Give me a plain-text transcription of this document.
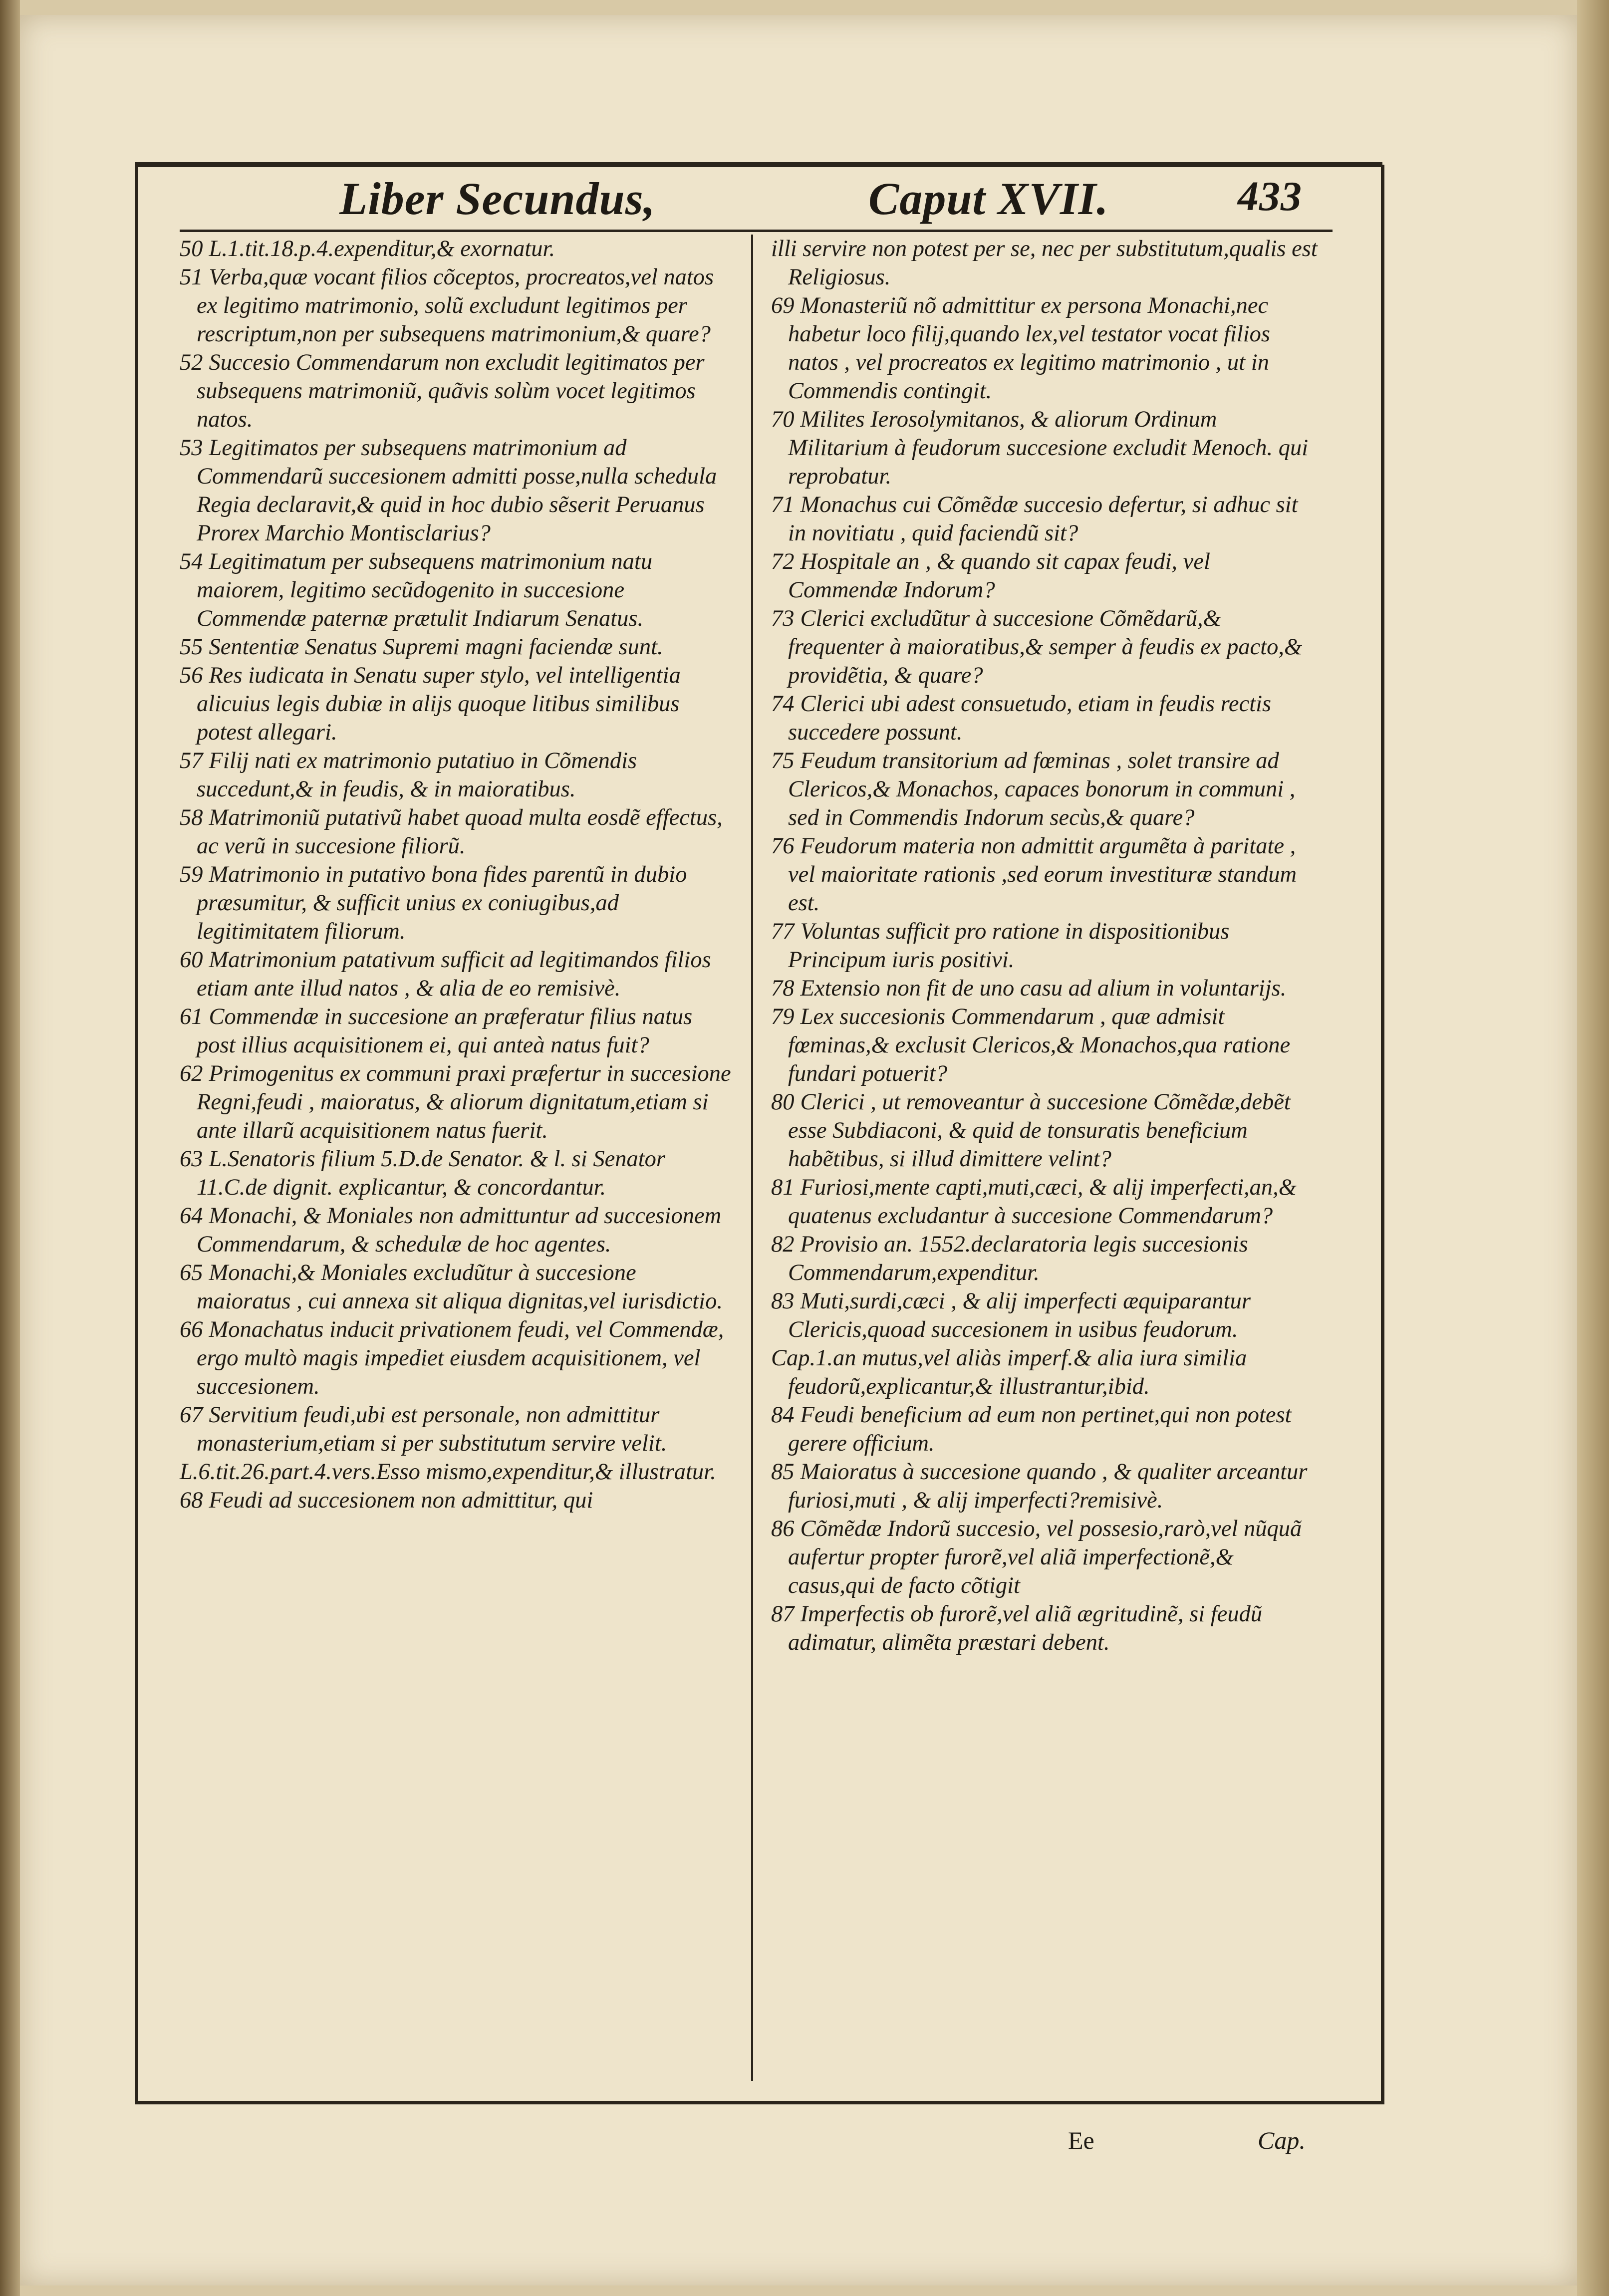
Liber Secundus,	Caput XVII.	433

50 L.1.tit.18.p.4.expenditur,& exornatur.

51 Verba,quæ vocant filios cõceptos, procreatos,vel natos ex legitimo matrimonio, solũ excludunt legitimos per rescriptum,non per subsequens matrimonium,& quare?

52 Succesio Commendarum non excludit legitimatos per subsequens matrimoniũ, quãvis solùm vocet legitimos natos.

53 Legitimatos per subsequens matrimonium ad Commendarũ succesionem admitti posse,nulla schedula Regia declaravit,& quid in hoc dubio sẽserit Peruanus Prorex Marchio Montisclarius?

54 Legitimatum per subsequens matrimonium natu maiorem, legitimo secũdogenito in succesione Commendæ paternæ prætulit Indiarum Senatus.

55 Sententiæ Senatus Supremi magni faciendæ sunt.

56 Res iudicata in Senatu super stylo, vel intelligentia alicuius legis dubiæ in alijs quoque litibus similibus potest allegari.

57 Filij nati ex matrimonio putatiuo in Cõmendis succedunt,& in feudis, & in maioratibus.

58 Matrimoniũ putativũ habet quoad multa eosdẽ effectus, ac verũ in succesione filiorũ.

59 Matrimonio in putativo bona fides parentũ in dubio præsumitur, & sufficit unius ex coniugibus,ad legitimitatem filiorum.

60 Matrimonium patativum sufficit ad legitimandos filios etiam ante illud natos , & alia de eo remisivè.

61 Commendæ in succesione an præferatur filius natus post illius acquisitionem ei, qui anteà natus fuit?

62 Primogenitus ex communi praxi præfertur in succesione Regni,feudi , maioratus, & aliorum dignitatum,etiam si ante illarũ acquisitionem natus fuerit.

63 L.Senatoris filium 5.D.de Senator. & l. si Senator 11.C.de dignit. explicantur, & concordantur.

64 Monachi, & Moniales non admittuntur ad succesionem Commendarum, & schedulæ de hoc agentes.

65 Monachi,& Moniales excludũtur à succesione maioratus , cui annexa sit aliqua dignitas,vel iurisdictio.

66 Monachatus inducit privationem feudi, vel Commendæ, ergo multò magis impediet eiusdem acquisitionem, vel succesionem.

67 Servitium feudi,ubi est personale, non admittitur monasterium,etiam si per substitutum servire velit.

L.6.tit.26.part.4.vers.Esso mismo,expenditur,& illustratur.

68 Feudi ad succesionem non admittitur, qui

illi servire non potest per se, nec per substitutum,qualis est Religiosus.

69 Monasteriũ nõ admittitur ex persona Monachi,nec habetur loco filij,quando lex,vel testator vocat filios natos , vel procreatos ex legitimo matrimonio , ut in Commendis contingit.

70 Milites Ierosolymitanos, & aliorum Ordinum Militarium à feudorum succesione excludit Menoch. qui reprobatur.

71 Monachus cui Cõmẽdæ succesio defertur, si adhuc sit in novitiatu , quid faciendũ sit?

72 Hospitale an , & quando sit capax feudi, vel Commendæ Indorum?

73 Clerici excludũtur à succesione Cõmẽdarũ,& frequenter à maioratibus,& semper à feudis ex pacto,& providẽtia, & quare?

74 Clerici ubi adest consuetudo, etiam in feudis rectis succedere possunt.

75 Feudum transitorium ad fœminas , solet transire ad Clericos,& Monachos, capaces bonorum in communi , sed in Commendis Indorum secùs,& quare?

76 Feudorum materia non admittit argumẽta à paritate , vel maioritate rationis ,sed eorum investituræ standum est.

77 Voluntas sufficit pro ratione in dispositionibus Principum iuris positivi.

78 Extensio non fit de uno casu ad alium in voluntarijs.

79 Lex succesionis Commendarum , quæ admisit fœminas,& exclusit Clericos,& Monachos,qua ratione fundari potuerit?

80 Clerici , ut removeantur à succesione Cõmẽdæ,debẽt esse Subdiaconi, & quid de tonsuratis beneficium habẽtibus, si illud dimittere velint?

81 Furiosi,mente capti,muti,cæci, & alij imperfecti,an,& quatenus excludantur à succesione Commendarum?

82 Provisio an. 1552.declaratoria legis succesionis Commendarum,expenditur.

83 Muti,surdi,cæci , & alij imperfecti æquiparantur Clericis,quoad succesionem in usibus feudorum.

Cap.1.an mutus,vel aliàs imperf.& alia iura similia feudorũ,explicantur,& illustrantur,ibid.

84 Feudi beneficium ad eum non pertinet,qui non potest gerere officium.

85 Maioratus à succesione quando , & qualiter arceantur furiosi,muti , & alij imperfecti?remisivè.

86 Cõmẽdæ Indorũ succesio, vel possesio,rarò,vel nũquã aufertur propter furorẽ,vel aliã imperfectionẽ,& casus,qui de facto cõtigit

87 Imperfectis ob furorẽ,vel aliã ægritudinẽ, si feudũ adimatur, alimẽta præstari debent.

Ee	Cap.
